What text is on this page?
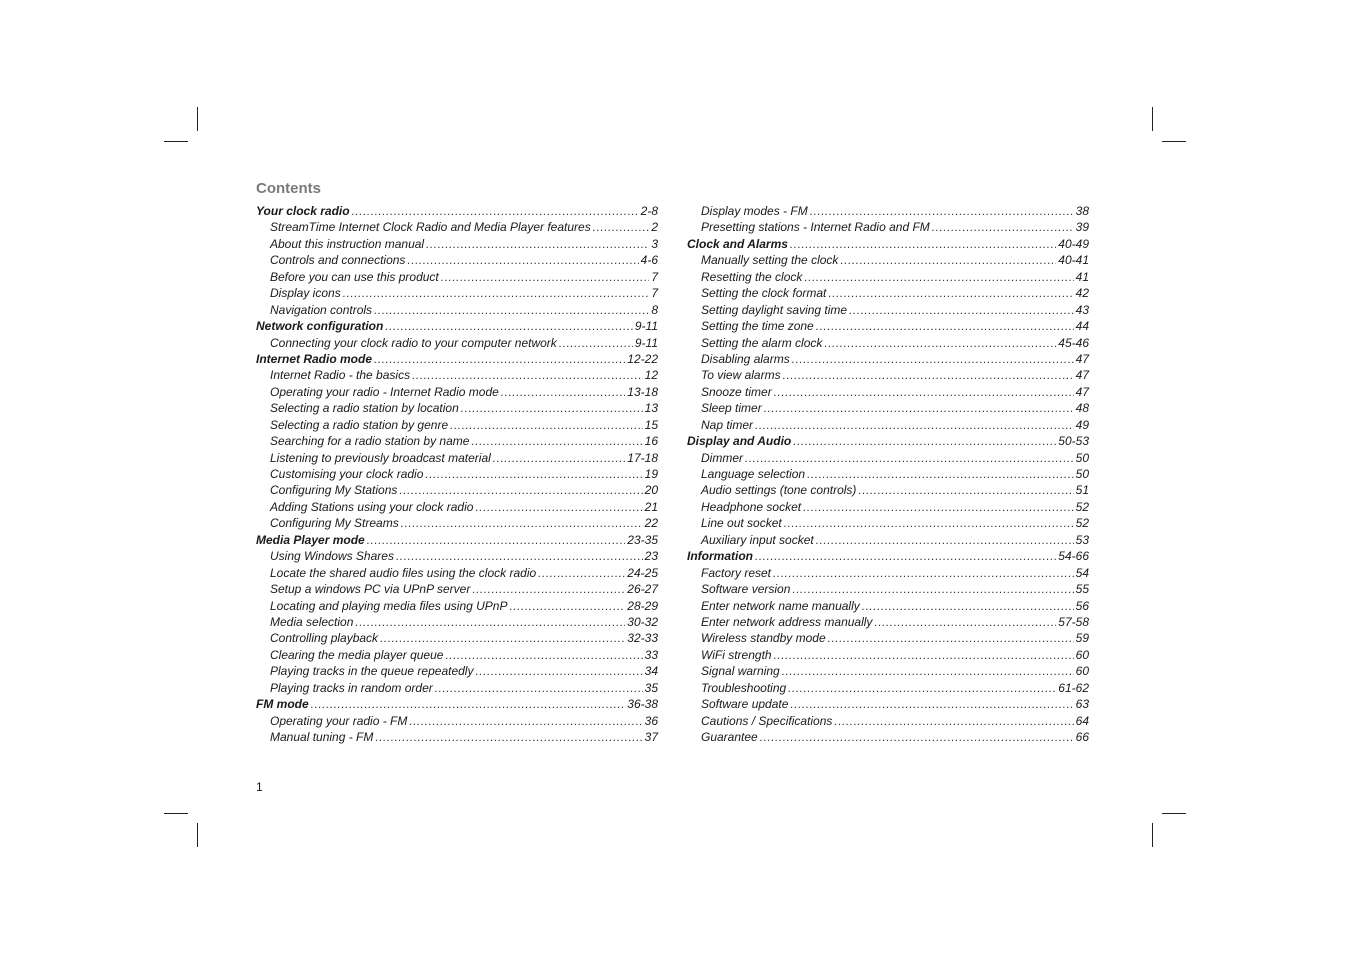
Contents
Your clock radio .....	2-8
StreamTime Internet Clock Radio and Media Player features .....	2
About this instruction manual .....	3
Controls and connections .....	4-6
Before you can use this product .....	7
Display icons .....	7
Navigation controls .....	8
Network configuration .....	9-11
Connecting your clock radio to your computer network .....	9-11
Internet Radio mode .....	12-22
Internet Radio - the basics .....	12
Operating your radio - Internet Radio mode .....	13-18
Selecting a radio station by location .....	13
Selecting a radio station by genre .....	15
Searching for a radio station by name .....	16
Listening to previously broadcast material .....	17-18
Customising your clock radio .....	19
Configuring My Stations .....	20
Adding Stations using your clock radio .....	21
Configuring My Streams .....	22
Media Player mode .....	23-35
Using Windows Shares .....	23
Locate the shared audio files using the clock radio .....	24-25
Setup a windows PC via UPnP server .....	26-27
Locating and playing media files using UPnP .....	28-29
Media selection .....	30-32
Controlling playback .....	32-33
Clearing the media player queue .....	33
Playing tracks in the queue repeatedly .....	34
Playing tracks in random order .....	35
FM mode .....	36-38
Operating your radio - FM .....	36
Manual tuning - FM .....	37
Display modes - FM .....	38
Presetting stations - Internet Radio and FM .....	39
Clock and Alarms .....	40-49
Manually setting the clock .....	40-41
Resetting the clock .....	41
Setting the clock format .....	42
Setting daylight saving time .....	43
Setting the time zone .....	44
Setting the alarm clock .....	45-46
Disabling alarms .....	47
To view alarms .....	47
Snooze timer .....	47
Sleep timer .....	48
Nap timer .....	49
Display and Audio .....	50-53
Dimmer .....	50
Language selection .....	50
Audio settings (tone controls) .....	51
Headphone socket .....	52
Line out socket .....	52
Auxiliary input socket .....	53
Information .....	54-66
Factory reset .....	54
Software version .....	55
Enter network name manually .....	56
Enter network address manually .....	57-58
Wireless standby mode .....	59
WiFi strength .....	60
Signal warning .....	60
Troubleshooting .....	61-62
Software update .....	63
Cautions / Specifications .....	64
Guarantee .....	66
1
